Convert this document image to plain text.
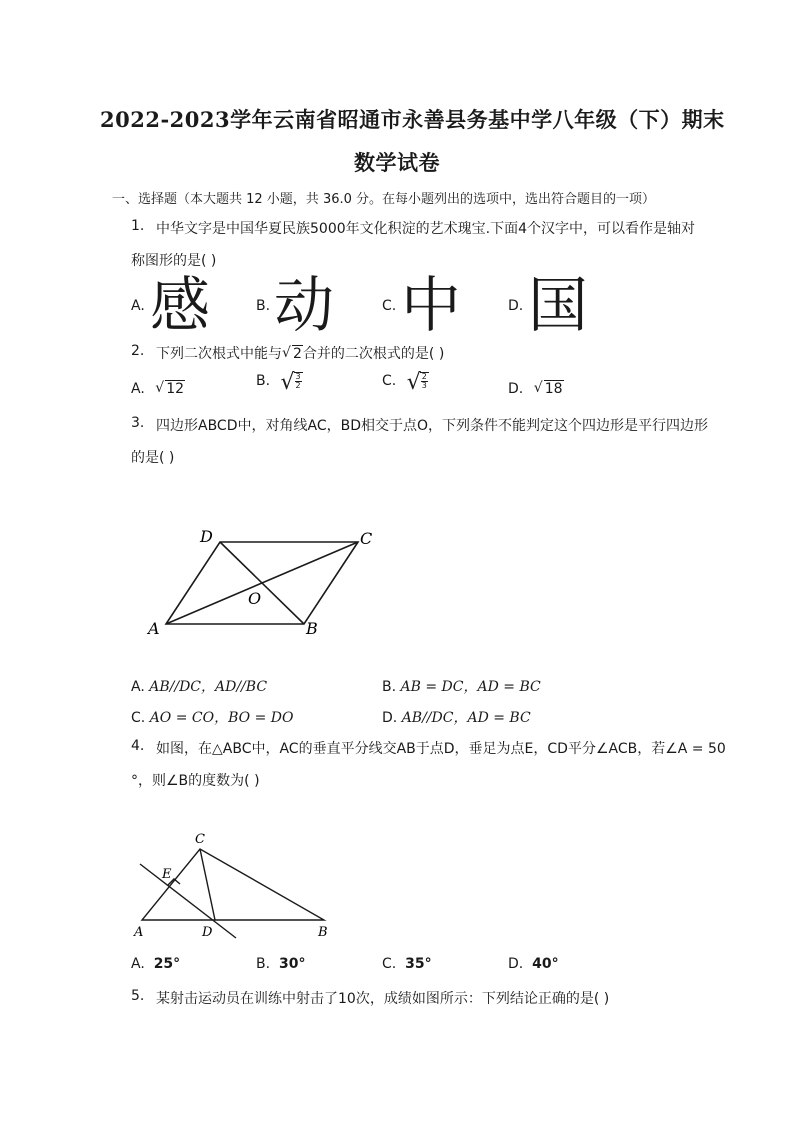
2022-2023学年云南省昭通市永善县务基中学八年级（下）期末
数学试卷
一、选择题（本大题共 12 小题，共 36.0 分。在每小题列出的选项中，选出符合题目的一项）
1. 中华文字是中国华夏民族5000年文化积淀的艺术瑰宝.下面4个汉字中，可以看作是轴对
称图形的是( )
A. 感	B. 动	C. 中	D. 国
2. 下列二次根式中能与 √ 2合并的二次根式的是( )
A. √ 12	B. √ $\frac{3}{2}$	C. √ $\frac{2}{3}$	D. √ 18
3. 四边形ABCD中，对角线AC，BD相交于点O，下列条件不能判定这个四边形是平行四边形
的是( )
A	B
C
D
O
A. AB//DC，AD//BC	B. AB = DC，AD = BC
C. AO = CO，BO = DO	D. AB//DC，AD = BC
4. 如图，在△ABC中，AC的垂直平分线交AB于点D，垂足为点E，CD平分∠ACB，若∠A = 50
°，则∠B的度数为( )
A	B
C
D
E
A. 25°	B. 30°	C. 35°	D. 40°
5. 某射击运动员在训练中射击了10次，成绩如图所示：下列结论正确的是( )
